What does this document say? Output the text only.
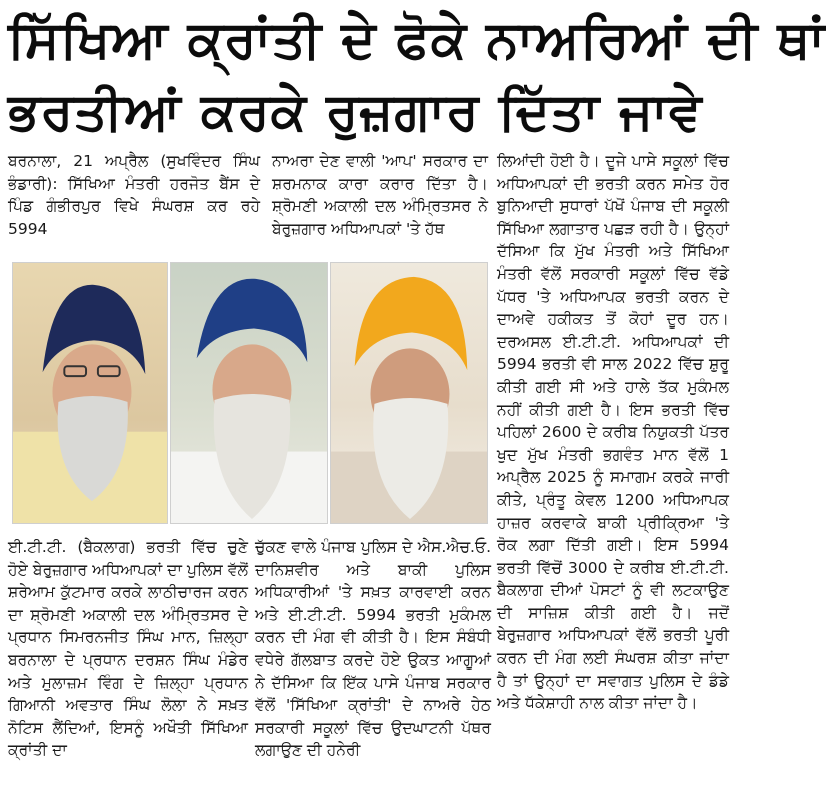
ਸਿੱਖਿਆ ਕ੍ਰਾਂਤੀ ਦੇ ਫੋਕੇ ਨਾਅਰਿਆਂ ਦੀ ਥਾਂ
ਭਰਤੀਆਂ ਕਰਕੇ ਰੁਜ਼ਗਾਰ ਦਿੱਤਾ ਜਾਵੇ

ਬਰਨਾਲਾ, 21 ਅਪ੍ਰੈਲ (ਸੁਖਵਿੰਦਰ ਸਿੰਘ ਭੰਡਾਰੀ): ਸਿੱਖਿਆ ਮੰਤਰੀ ਹਰਜੋਤ ਬੈਂਸ ਦੇ ਪਿੰਡ ਗੰਭੀਰਪੁਰ ਵਿਖੇ ਸੰਘਰਸ਼ ਕਰ ਰਹੇ 5994

ਨਾਅਰਾ ਦੇਣ ਵਾਲੀ 'ਆਪ' ਸਰਕਾਰ ਦਾ ਸ਼ਰਮਨਾਕ ਕਾਰਾ ਕਰਾਰ ਦਿੱਤਾ ਹੈ। ਸ਼੍ਰੋਮਣੀ ਅਕਾਲੀ ਦਲ ਅੰਮ੍ਰਿਤਸਰ ਨੇ ਬੇਰੁਜ਼ਗਾਰ ਅਧਿਆਪਕਾਂ 'ਤੇ ਹੱਥ

ਲਿਆਂਦੀ ਹੋਈ ਹੈ। ਦੂਜੇ ਪਾਸੇ ਸਕੂਲਾਂ ਵਿੱਚ ਅਧਿਆਪਕਾਂ ਦੀ ਭਰਤੀ ਕਰਨ ਸਮੇਤ ਹੋਰ ਬੁਨਿਆਦੀ ਸੁਧਾਰਾਂ ਪੱਖੋਂ ਪੰਜਾਬ ਦੀ ਸਕੂਲੀ ਸਿੱਖਿਆ ਲਗਾਤਾਰ ਪਛੜ ਰਹੀ ਹੈ। ਉਨ੍ਹਾਂ ਦੱਸਿਆ ਕਿ ਮੁੱਖ ਮੰਤਰੀ ਅਤੇ ਸਿੱਖਿਆ ਮੰਤਰੀ ਵੱਲੋਂ ਸਰਕਾਰੀ ਸਕੂਲਾਂ ਵਿੱਚ ਵੱਡੇ ਪੱਧਰ 'ਤੇ ਅਧਿਆਪਕ ਭਰਤੀ ਕਰਨ ਦੇ ਦਾਅਵੇ ਹਕੀਕਤ ਤੋਂ ਕੋਹਾਂ ਦੂਰ ਹਨ। ਦਰਅਸਲ ਈ.ਟੀ.ਟੀ. ਅਧਿਆਪਕਾਂ ਦੀ 5994 ਭਰਤੀ ਵੀ ਸਾਲ 2022 ਵਿੱਚ ਸ਼ੁਰੂ ਕੀਤੀ ਗਈ ਸੀ ਅਤੇ ਹਾਲੇ ਤੱਕ ਮੁਕੰਮਲ ਨਹੀਂ ਕੀਤੀ ਗਈ ਹੈ। ਇਸ ਭਰਤੀ ਵਿੱਚ ਪਹਿਲਾਂ 2600 ਦੇ ਕਰੀਬ ਨਿਯੁਕਤੀ ਪੱਤਰ ਖੁਦ ਮੁੱਖ ਮੰਤਰੀ ਭਗਵੰਤ ਮਾਨ ਵੱਲੋਂ 1 ਅਪ੍ਰੈਲ 2025 ਨੂੰ ਸਮਾਗਮ ਕਰਕੇ ਜਾਰੀ ਕੀਤੇ, ਪ੍ਰੰਤੂ ਕੇਵਲ 1200 ਅਧਿਆਪਕ ਹਾਜ਼ਰ ਕਰਵਾਕੇ ਬਾਕੀ ਪ੍ਰੀਕ੍ਰਿਆ 'ਤੇ ਰੋਕ ਲਗਾ ਦਿੱਤੀ ਗਈ। ਇਸ 5994 ਭਰਤੀ ਵਿੱਚੋਂ 3000 ਦੇ ਕਰੀਬ ਈ.ਟੀ.ਟੀ. ਬੈਕਲਾਗ ਦੀਆਂ ਪੋਸਟਾਂ ਨੂੰ ਵੀ ਲਟਕਾਉਣ ਦੀ ਸਾਜ਼ਿਸ਼ ਕੀਤੀ ਗਈ ਹੈ। ਜਦੋਂ ਬੇਰੁਜ਼ਗਾਰ ਅਧਿਆਪਕਾਂ ਵੱਲੋਂ ਭਰਤੀ ਪੂਰੀ ਕਰਨ ਦੀ ਮੰਗ ਲਈ ਸੰਘਰਸ਼ ਕੀਤਾ ਜਾਂਦਾ ਹੈ ਤਾਂ ਉਨ੍ਹਾਂ ਦਾ ਸਵਾਗਤ ਪੁਲਿਸ ਦੇ ਡੰਡੇ ਅਤੇ ਧੱਕੇਸ਼ਾਹੀ ਨਾਲ ਕੀਤਾ ਜਾਂਦਾ ਹੈ।

ਈ.ਟੀ.ਟੀ. (ਬੈਕਲਾਗ) ਭਰਤੀ ਵਿੱਚ ਚੁਣੇ ਹੋਏ ਬੇਰੁਜ਼ਗਾਰ ਅਧਿਆਪਕਾਂ ਦਾ ਪੁਲਿਸ ਵੱਲੋਂ ਸ਼ਰੇਆਮ ਕੁੱਟਮਾਰ ਕਰਕੇ ਲਾਠੀਚਾਰਜ ਕਰਨ ਦਾ ਸ਼੍ਰੋਮਣੀ ਅਕਾਲੀ ਦਲ ਅੰਮ੍ਰਿਤਸਰ ਦੇ ਪ੍ਰਧਾਨ ਸਿਮਰਨਜੀਤ ਸਿੰਘ ਮਾਨ, ਜ਼ਿਲ੍ਹਾ ਬਰਨਾਲਾ ਦੇ ਪ੍ਰਧਾਨ ਦਰਸ਼ਨ ਸਿੰਘ ਮੰਡੇਰ ਅਤੇ ਮੁਲਾਜ਼ਮ ਵਿੰਗ ਦੇ ਜ਼ਿਲ੍ਹਾ ਪ੍ਰਧਾਨ ਗਿਆਨੀ ਅਵਤਾਰ ਸਿੰਘ ਲੋਲਾ ਨੇ ਸਖ਼ਤ ਨੋਟਿਸ ਲੈਂਦਿਆਂ, ਇਸਨੂੰ ਅਖੌਤੀ ਸਿੱਖਿਆ ਕ੍ਰਾਂਤੀ ਦਾ

ਚੁੱਕਣ ਵਾਲੇ ਪੰਜਾਬ ਪੁਲਿਸ ਦੇ ਐਸ.ਐਚ.ਓ. ਦਾਨਿਸ਼ਵੀਰ ਅਤੇ ਬਾਕੀ ਪੁਲਿਸ ਅਧਿਕਾਰੀਆਂ 'ਤੇ ਸਖ਼ਤ ਕਾਰਵਾਈ ਕਰਨ ਅਤੇ ਈ.ਟੀ.ਟੀ. 5994 ਭਰਤੀ ਮੁਕੰਮਲ ਕਰਨ ਦੀ ਮੰਗ ਵੀ ਕੀਤੀ ਹੈ। ਇਸ ਸੰਬੰਧੀ ਵਧੇਰੇ ਗੱਲਬਾਤ ਕਰਦੇ ਹੋਏ ਉਕਤ ਆਗੂਆਂ ਨੇ ਦੱਸਿਆ ਕਿ ਇੱਕ ਪਾਸੇ ਪੰਜਾਬ ਸਰਕਾਰ ਵੱਲੋਂ 'ਸਿੱਖਿਆ ਕ੍ਰਾਂਤੀ' ਦੇ ਨਾਅਰੇ ਹੇਠ ਸਰਕਾਰੀ ਸਕੂਲਾਂ ਵਿੱਚ ਉਦਘਾਟਨੀ ਪੱਥਰ ਲਗਾਉਣ ਦੀ ਹਨੇਰੀ
